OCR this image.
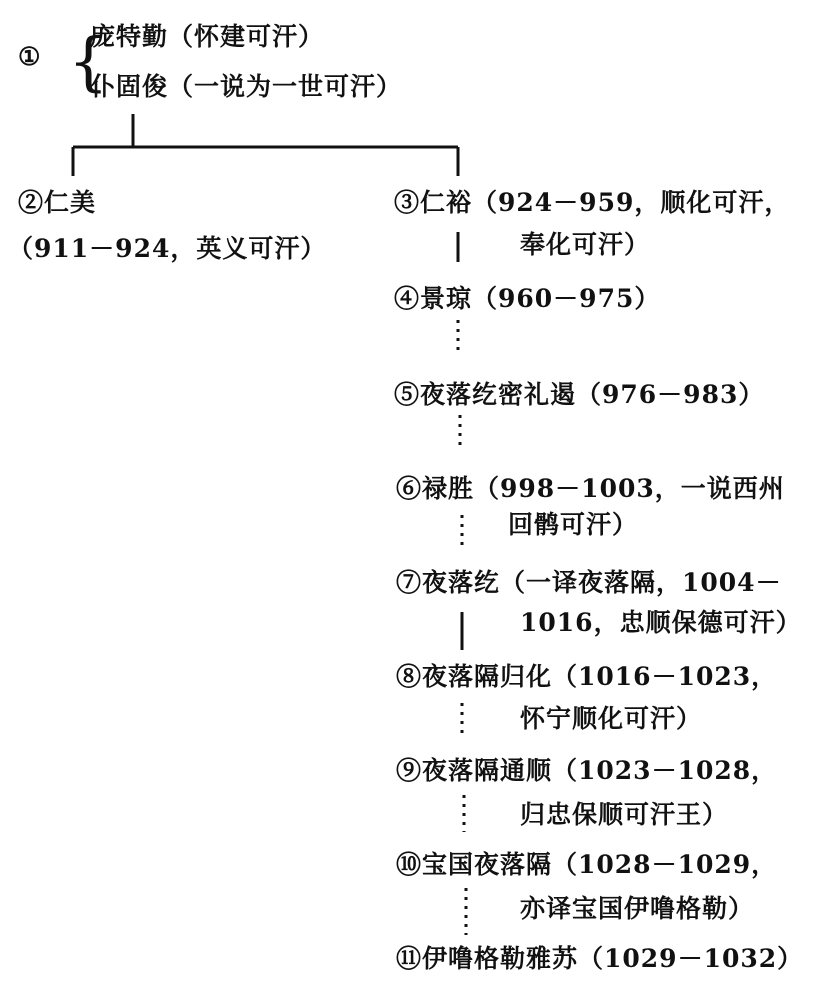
① {
庞特勤（怀建可汗）
仆固俊（一说为一世可汗）
②仁美
（911－924，英义可汗）
③仁裕（924－959，顺化可汗，
奉化可汗）
④景琼（960－975）
⑤夜落纥密礼遏（976－983）
⑥禄胜（998－1003，一说西州
回鹘可汗）
⑦夜落纥（一译夜落隔，1004－
1016，忠顺保德可汗）
⑧夜落隔归化（1016－1023，
怀宁顺化可汗）
⑨夜落隔通顺（1023－1028，
归忠保顺可汗王）
⑩宝国夜落隔（1028－1029，
亦译宝国伊噜格勒）
⑪伊噜格勒雅苏（1029－1032）
